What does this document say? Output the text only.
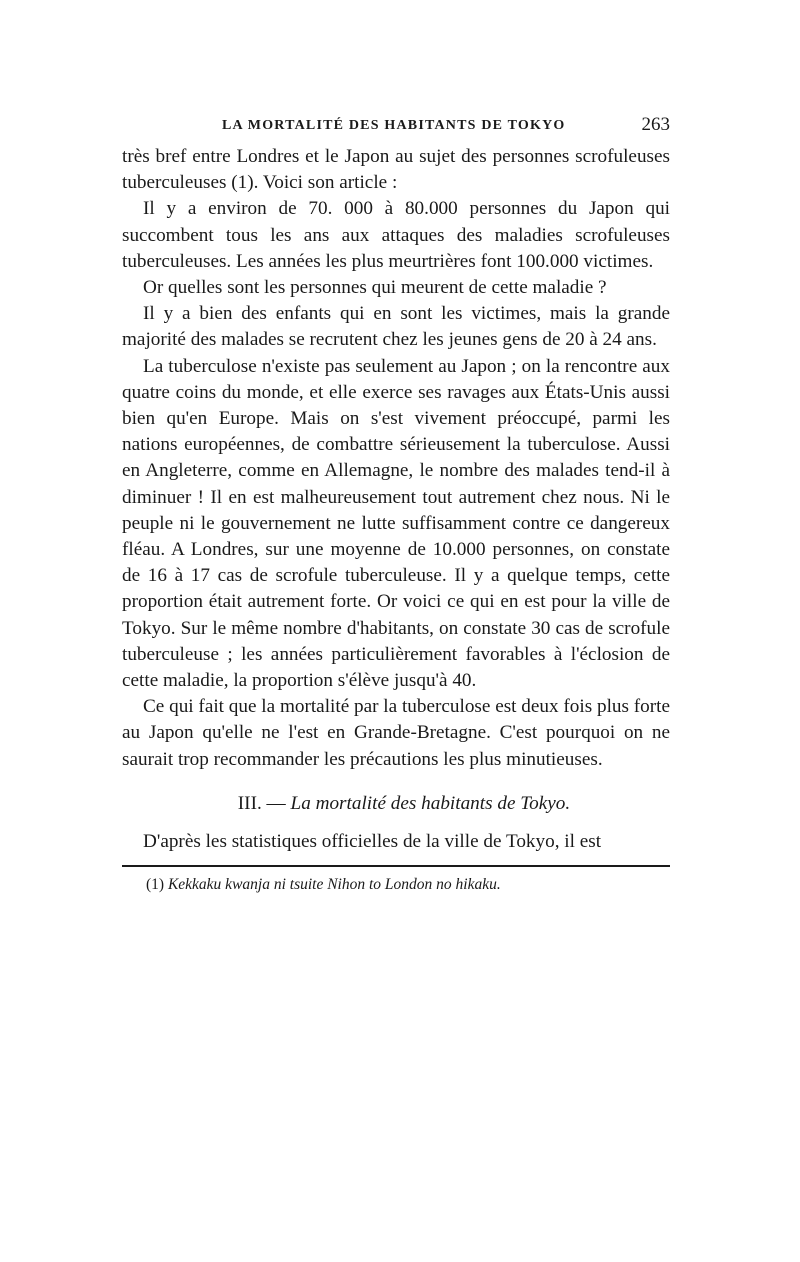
LA MORTALITÉ DES HABITANTS DE TOKYO	263

très bref entre Londres et le Japon au sujet des personnes scrofuleuses tuberculeuses (1). Voici son article :

Il y a environ de 70. 000 à 80.000 personnes du Japon qui succombent tous les ans aux attaques des maladies scrofuleuses tuberculeuses. Les années les plus meurtrières font 100.000 victimes.

Or quelles sont les personnes qui meurent de cette maladie ?

Il y a bien des enfants qui en sont les victimes, mais la grande majorité des malades se recrutent chez les jeunes gens de 20 à 24 ans.

La tuberculose n'existe pas seulement au Japon ; on la rencontre aux quatre coins du monde, et elle exerce ses ravages aux États-Unis aussi bien qu'en Europe. Mais on s'est vivement préoccupé, parmi les nations européennes, de combattre sérieusement la tuberculose. Aussi en Angleterre, comme en Allemagne, le nombre des malades tend-il à diminuer ! Il en est malheureusement tout autrement chez nous. Ni le peuple ni le gouvernement ne lutte suffisamment contre ce dangereux fléau. A Londres, sur une moyenne de 10.000 personnes, on constate de 16 à 17 cas de scrofule tuberculeuse. Il y a quelque temps, cette proportion était autrement forte. Or voici ce qui en est pour la ville de Tokyo. Sur le même nombre d'habitants, on constate 30 cas de scrofule tuberculeuse ; les années particulièrement favorables à l'éclosion de cette maladie, la proportion s'élève jusqu'à 40.

Ce qui fait que la mortalité par la tuberculose est deux fois plus forte au Japon qu'elle ne l'est en Grande-Bretagne. C'est pourquoi on ne saurait trop recommander les précautions les plus minutieuses.

III. — La mortalité des habitants de Tokyo.

D'après les statistiques officielles de la ville de Tokyo, il est

(1) Kekkaku kwanja ni tsuite Nihon to London no hikaku.
